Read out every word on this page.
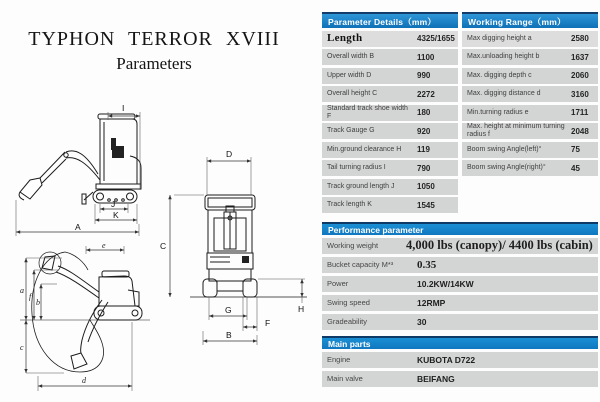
TYPHON TERROR XVIII
Parameters
I
J
K
A
D
C
G
F
H
B
e
a
f
b
c
d
Parameter Details（mm）
Length	4325/1655
Overall width B	1100
Upper width D	990
Overall height C	2272
Standard track shoe width F	180
Track Gauge G	920
Min.ground clearance H	119
Tail turning radius I	790
Track ground length J	1050
Track length K	1545
Working Range（mm）
Max digging height a	2580
Max.unloading height b	1637
Max. digging depth c	2060
Max. digging distance d	3160
Min.turning radius e	1711
Max. height at minimum turning radius f	2048
Boom swing Angle(left)°	75
Boom swing Angle(right)°	45
Performance parameter
Working weight 4,000 lbs (canopy)/ 4400 lbs (cabin)
Bucket capacity M*³ 0.35
Power	10.2KW/14KW
Swing speed	12RMP
Gradeability	30
Main parts
Engine	KUBOTA D722
Main valve	BEIFANG
